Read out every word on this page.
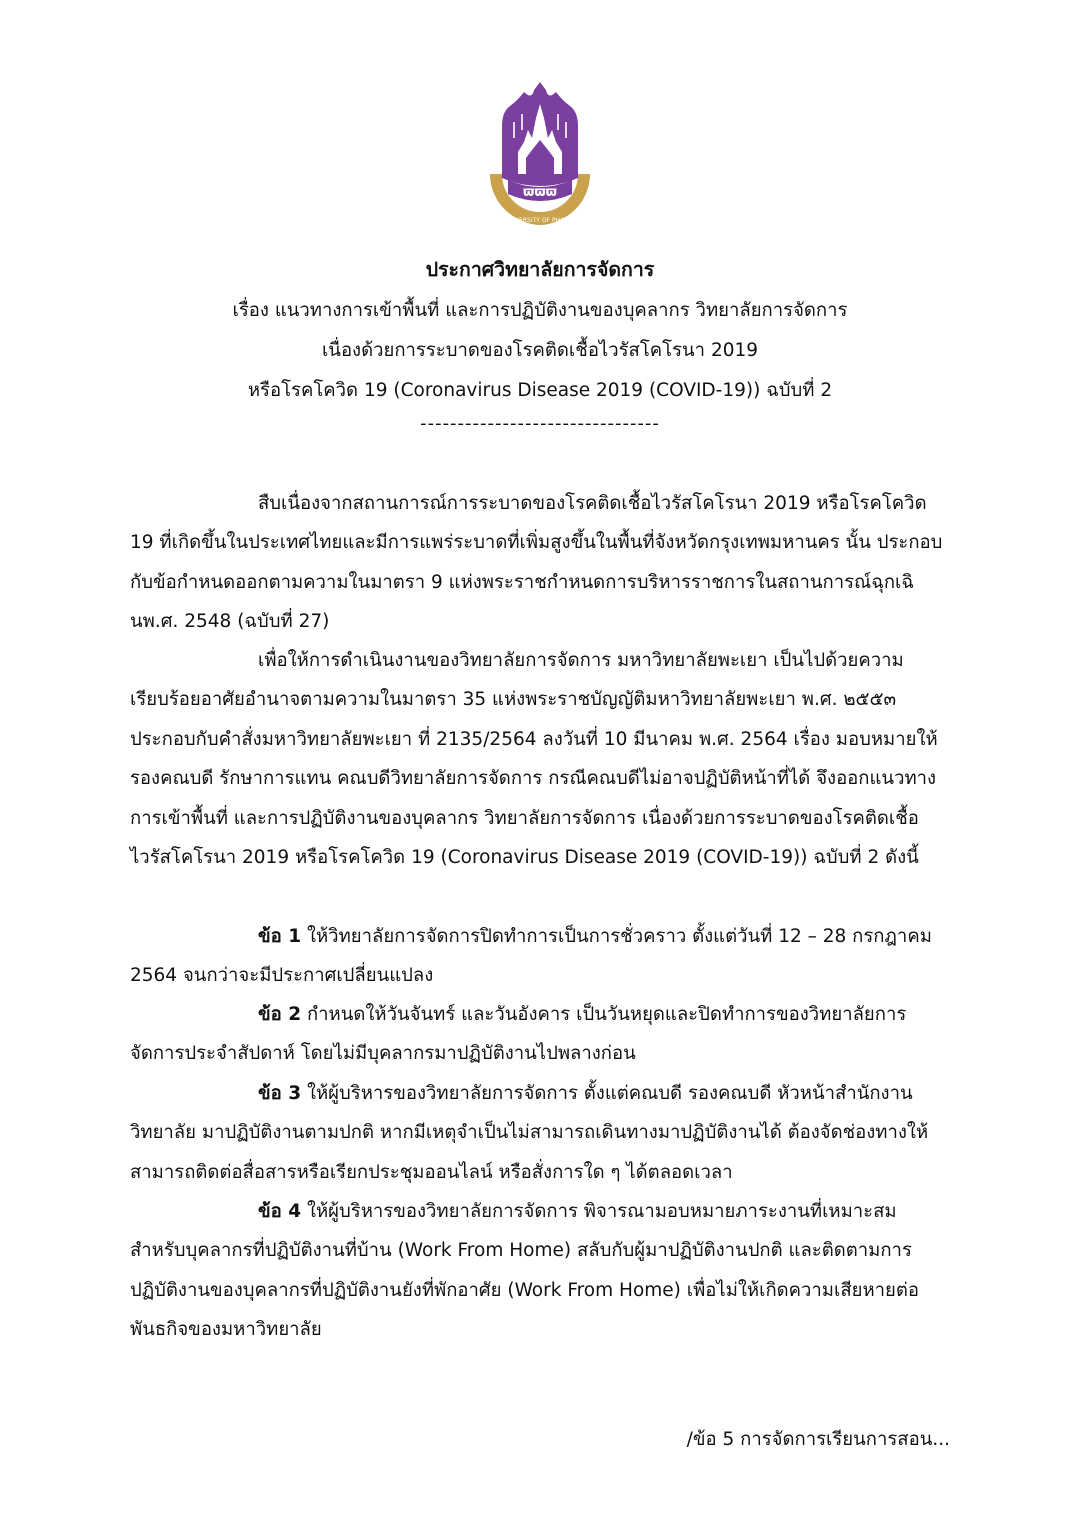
ϖϖϖ
UNIVERSITY OF PHAYAO
ประกาศวิทยาลัยการจัดการ
เรื่อง แนวทางการเข้าพื้นที่ และการปฏิบัติงานของบุคลากร วิทยาลัยการจัดการ
เนื่องด้วยการระบาดของโรคติดเชื้อไวรัสโคโรนา 2019
หรือโรคโควิด 19 (Coronavirus Disease 2019 (COVID-19)) ฉบับที่ 2
--------------------------------

สืบเนื่องจากสถานการณ์การระบาดของโรคติดเชื้อไวรัสโคโรนา 2019 หรือโรคโควิด 19 ที่เกิดขึ้นในประเทศไทยและมีการแพร่ระบาดที่เพิ่มสูงขึ้นในพื้นที่จังหวัดกรุงเทพมหานคร นั้น ประกอบกับข้อกำหนดออกตามความในมาตรา 9 แห่งพระราชกำหนดการบริหารราชการในสถานการณ์ฉุกเฉินพ.ศ. 2548 (ฉบับที่ 27)

เพื่อให้การดำเนินงานของวิทยาลัยการจัดการ มหาวิทยาลัยพะเยา เป็นไปด้วยความเรียบร้อยอาศัยอำนาจตามความในมาตรา 35 แห่งพระราชบัญญัติมหาวิทยาลัยพะเยา พ.ศ. ๒๕๕๓ ประกอบกับคำสั่งมหาวิทยาลัยพะเยา ที่ 2135/2564 ลงวันที่ 10 มีนาคม พ.ศ. 2564 เรื่อง มอบหมายให้รองคณบดี รักษาการแทน คณบดีวิทยาลัยการจัดการ กรณีคณบดีไม่อาจปฏิบัติหน้าที่ได้ จึงออกแนวทางการเข้าพื้นที่ และการปฏิบัติงานของบุคลากร วิทยาลัยการจัดการ เนื่องด้วยการระบาดของโรคติดเชื้อไวรัสโคโรนา 2019 หรือโรคโควิด 19 (Coronavirus Disease 2019 (COVID-19)) ฉบับที่ 2 ดังนี้

ข้อ 1 ให้วิทยาลัยการจัดการปิดทำการเป็นการชั่วคราว ตั้งแต่วันที่ 12 – 28 กรกฎาคม 2564 จนกว่าจะมีประกาศเปลี่ยนแปลง

ข้อ 2 กำหนดให้วันจันทร์ และวันอังคาร เป็นวันหยุดและปิดทำการของวิทยาลัยการจัดการประจำสัปดาห์ โดยไม่มีบุคลากรมาปฏิบัติงานไปพลางก่อน

ข้อ 3 ให้ผู้บริหารของวิทยาลัยการจัดการ ตั้งแต่คณบดี รองคณบดี หัวหน้าสำนักงานวิทยาลัย มาปฏิบัติงานตามปกติ หากมีเหตุจำเป็นไม่สามารถเดินทางมาปฏิบัติงานได้ ต้องจัดช่องทางให้สามารถติดต่อสื่อสารหรือเรียกประชุมออนไลน์ หรือสั่งการใด ๆ ได้ตลอดเวลา

ข้อ 4 ให้ผู้บริหารของวิทยาลัยการจัดการ พิจารณามอบหมายภาระงานที่เหมาะสมสำหรับบุคลากรที่ปฏิบัติงานที่บ้าน (Work From Home) สลับกับผู้มาปฏิบัติงานปกติ และติดตามการปฏิบัติงานของบุคลากรที่ปฏิบัติงานยังที่พักอาศัย (Work From Home) เพื่อไม่ให้เกิดความเสียหายต่อพันธกิจของมหาวิทยาลัย

/ข้อ 5 การจัดการเรียนการสอน...
